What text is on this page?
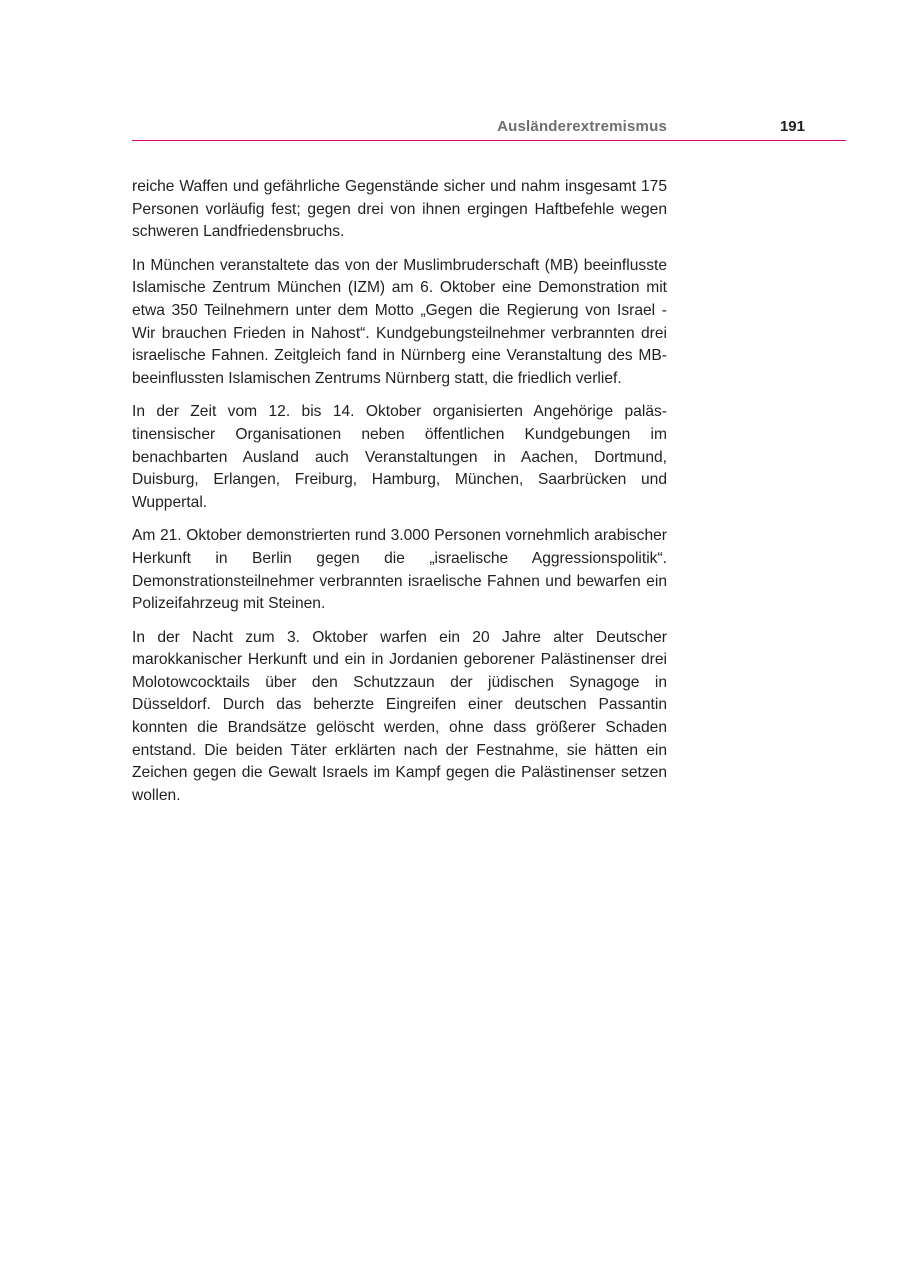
Ausländerextremismus	191

reiche Waffen und gefährliche Gegenstände sicher und nahm insgesamt 175 Personen vorläufig fest; gegen drei von ihnen ergingen Haftbefehle wegen schweren Landfriedensbruchs.

In München veranstaltete das von der Muslimbruderschaft (MB) beeinflusste Islamische Zentrum München (IZM) am 6. Oktober eine Demonstration mit etwa 350 Teilnehmern unter dem Motto „Gegen die Regierung von Israel - Wir brauchen Frieden in Nahost“. Kundgebungsteilnehmer verbrannten drei israelische Fahnen. Zeitgleich fand in Nürnberg eine Veranstaltung des MB-beeinflussten Islamischen Zentrums Nürnberg statt, die friedlich verlief.

In der Zeit vom 12. bis 14. Oktober organisierten Angehörige palästinensischer Organisationen neben öffentlichen Kundgebungen im benachbarten Ausland auch Veranstaltungen in Aachen, Dortmund, Duisburg, Erlangen, Freiburg, Hamburg, München, Saarbrücken und Wuppertal.

Am 21. Oktober demonstrierten rund 3.000 Personen vornehmlich arabischer Herkunft in Berlin gegen die „israelische Aggressionspolitik“. Demonstrationsteilnehmer verbrannten israelische Fahnen und bewarfen ein Polizeifahrzeug mit Steinen.

In der Nacht zum 3. Oktober warfen ein 20 Jahre alter Deutscher marokkanischer Herkunft und ein in Jordanien geborener Palästinenser drei Molotowcocktails über den Schutzzaun der jüdischen Synagoge in Düsseldorf. Durch das beherzte Eingreifen einer deutschen Passantin konnten die Brandsätze gelöscht werden, ohne dass größerer Schaden entstand. Die beiden Täter erklärten nach der Festnahme, sie hätten ein Zeichen gegen die Gewalt Israels im Kampf gegen die Palästinenser setzen wollen.
